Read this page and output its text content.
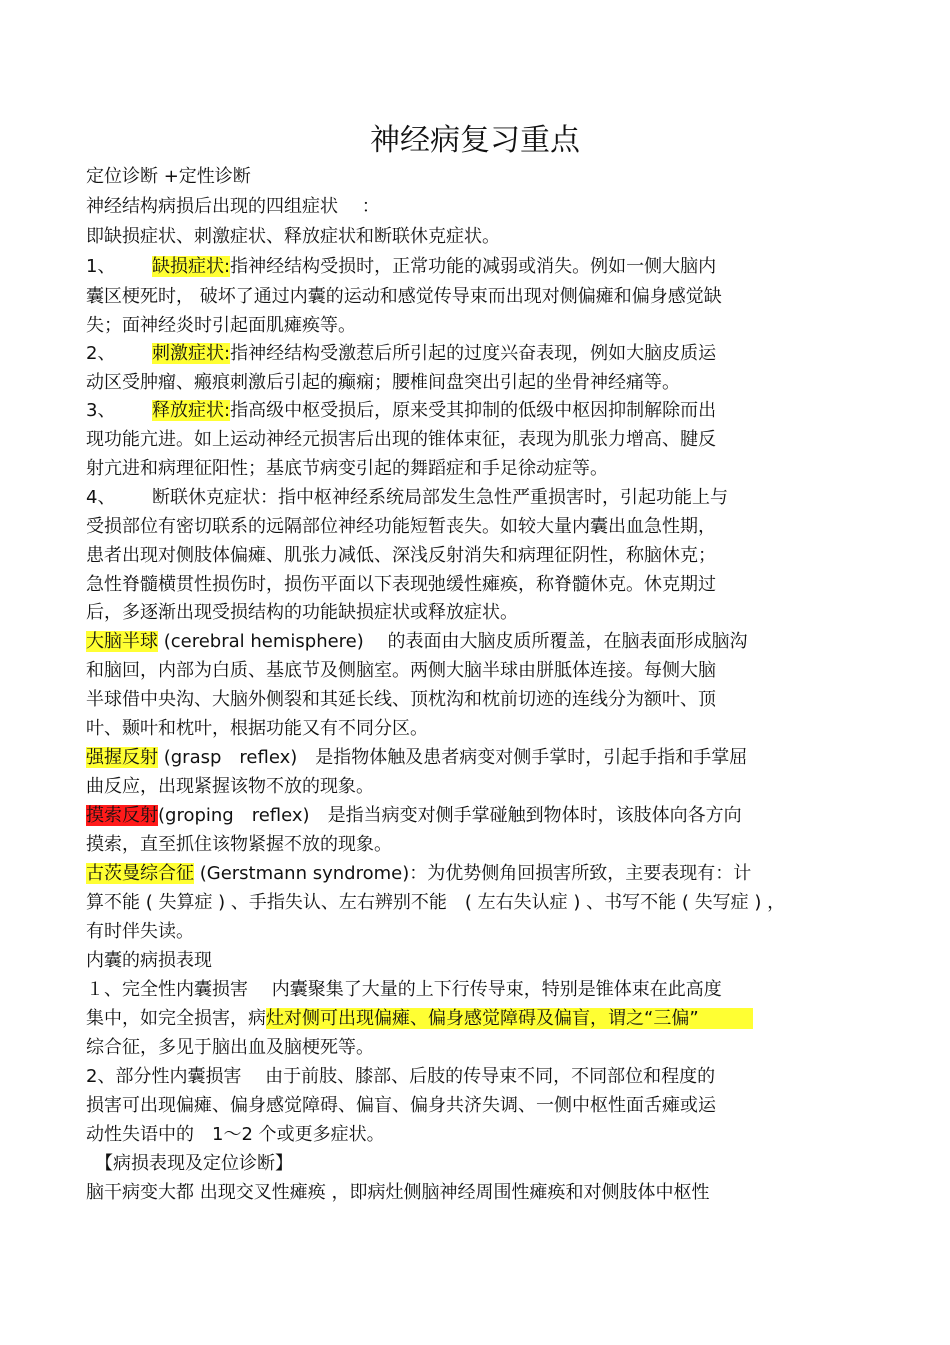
神经病复习重点
定位诊断 +定性诊断
神经结构病损后出现的四组症状　 ：
即缺损症状、刺激症状、释放症状和断联休克症状。
1、 缺损症状:指神经结构受损时，正常功能的减弱或消失。例如一侧大脑内
囊区梗死时， 破坏了通过内囊的运动和感觉传导束而出现对侧偏瘫和偏身感觉缺
失；面神经炎时引起面肌瘫痪等。
2、 刺激症状:指神经结构受激惹后所引起的过度兴奋表现，例如大脑皮质运
动区受肿瘤、瘢痕刺激后引起的癫痫；腰椎间盘突出引起的坐骨神经痛等。
3、 释放症状:指高级中枢受损后，原来受其抑制的低级中枢因抑制解除而出
现功能亢进。如上运动神经元损害后出现的锥体束征，表现为肌张力增高、腱反
射亢进和病理征阳性；基底节病变引起的舞蹈症和手足徐动症等。
4、 断联休克症状：指中枢神经系统局部发生急性严重损害时，引起功能上与
受损部位有密切联系的远隔部位神经功能短暂丧失。如较大量内囊出血急性期，
患者出现对侧肢体偏瘫、肌张力减低、深浅反射消失和病理征阴性，称脑休克；
急性脊髓横贯性损伤时，损伤平面以下表现弛缓性瘫痪，称脊髓休克。休克期过
后，多逐渐出现受损结构的功能缺损症状或释放症状。
大脑半球 (cerebral hemisphere)　 的表面由大脑皮质所覆盖，在脑表面形成脑沟
和脑回，内部为白质、基底节及侧脑室。两侧大脑半球由胼胝体连接。每侧大脑
半球借中央沟、大脑外侧裂和其延长线、顶枕沟和枕前切迹的连线分为额叶、顶
叶、颞叶和枕叶，根据功能又有不同分区。
强握反射 (grasp　reflex)　是指物体触及患者病变对侧手掌时，引起手指和手掌屈
曲反应，出现紧握该物不放的现象。
摸索反射(groping　reflex)　是指当病变对侧手掌碰触到物体时，该肢体向各方向
摸索，直至抓住该物紧握不放的现象。
古茨曼综合征 (Gerstmann syndrome)：为优势侧角回损害所致，主要表现有：计
算不能 ( 失算症 ) 、手指失认、左右辨别不能　( 左右失认症 ) 、书写不能 ( 失写症 ) ，
有时伴失读。
内囊的病损表现
１、完全性内囊损害　 内囊聚集了大量的上下行传导束，特别是锥体束在此高度
集中，如完全损害，病灶对侧可出现偏瘫、偏身感觉障碍及偏盲，谓之“三偏”
综合征，多见于脑出血及脑梗死等。
2、部分性内囊损害　 由于前肢、膝部、后肢的传导束不同，不同部位和程度的
损害可出现偏瘫、偏身感觉障碍、偏盲、偏身共济失调、一侧中枢性面舌瘫或运
动性失语中的　1～2 个或更多症状。
　【病损表现及定位诊断】
脑干病变大都 出现交叉性瘫痪 ，即病灶侧脑神经周围性瘫痪和对侧肢体中枢性
